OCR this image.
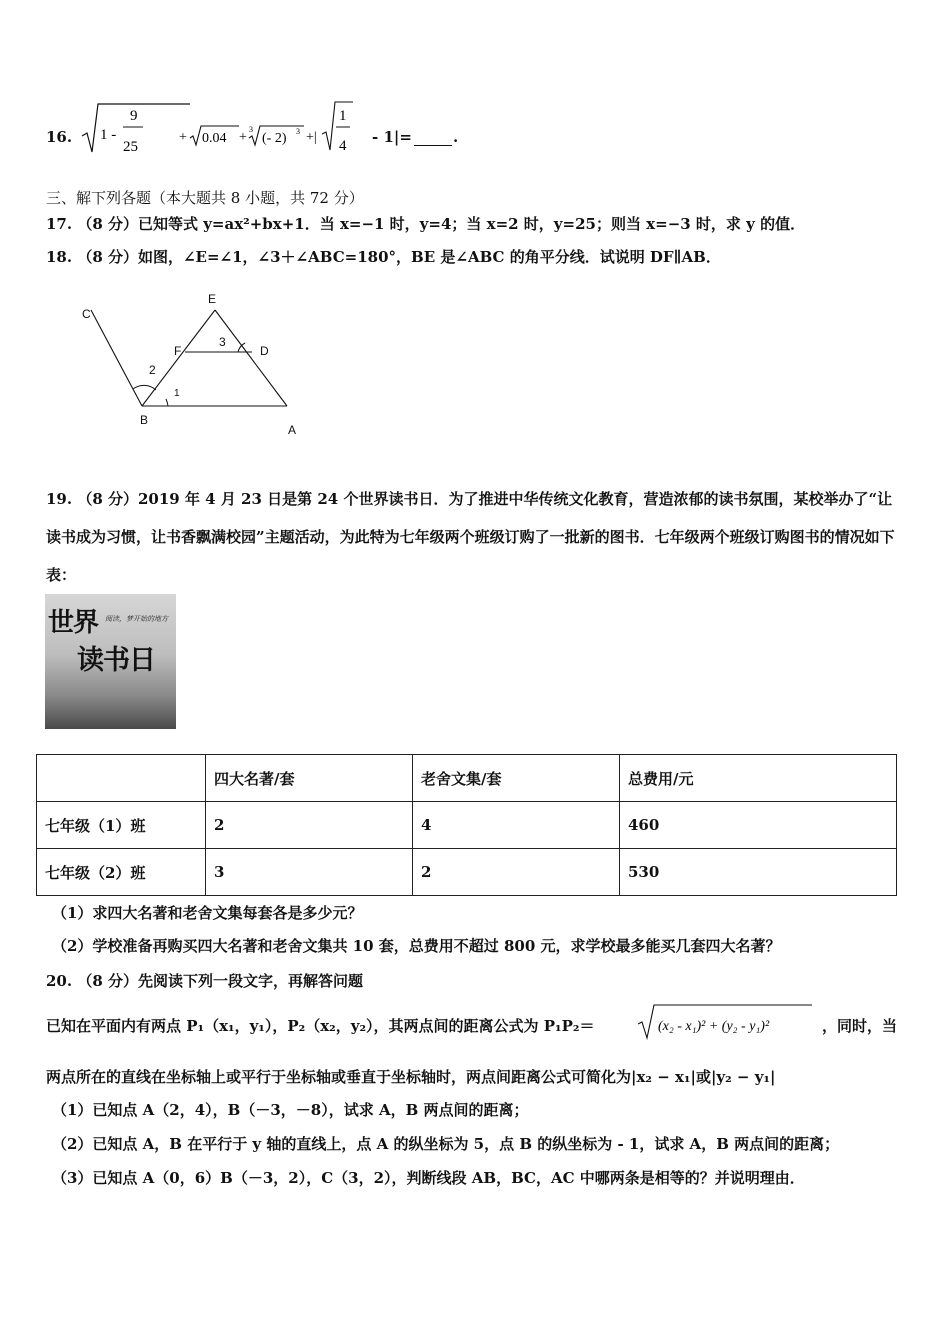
16. 1 -
9
25
+ 0.04 +
3
(- 2) 3 +|
1
4 - 1|=	.
三、解下列各题（本大题共 8 小题，共 72 分）
17. （8 分）已知等式 y=ax²+bx+1．当 x=−1 时，y=4；当 x=2 时，y=25；则当 x=−3 时，求 y 的值．
18. （8 分）如图，∠E=∠1，∠3＋∠ABC=180°，BE 是∠ABC 的角平分线．试说明 DF∥AB．
C
E
F	D
B
A
2
1
3
19. （8 分）2019 年 4 月 23 日是第 24 个世界读书日．为了推进中华传统文化教育，营造浓郁的读书氛围，某校举办了“让读书成为习惯，让书香飘满校园”主题活动，为此特为七年级两个班级订购了一批新的图书．七年级两个班级订购图书的情况如下表：
世界 阅读，梦开始的地方
读书日
	四大名著/套	老舍文集/套	总费用/元
七年级（1）班	2	4	460
七年级（2）班	3	2	530
（1）求四大名著和老舍文集每套各是多少元？
（2）学校准备再购买四大名著和老舍文集共 10 套，总费用不超过 800 元，求学校最多能买几套四大名著？
20. （8 分）先阅读下列一段文字，再解答问题
已知在平面内有两点 P₁（x₁，y₁），P₂（x₂，y₂），其两点间的距离公式为 P₁P₂＝	(x₂ - x₁)² + (y₂ - y₁)²	，同时，当
两点所在的直线在坐标轴上或平行于坐标轴或垂直于坐标轴时，两点间距离公式可简化为|x₂ − x₁|或|y₂ − y₁|
（1）已知点 A（2，4），B（－3，－8），试求 A，B 两点间的距离；
（2）已知点 A，B 在平行于 y 轴的直线上，点 A 的纵坐标为 5，点 B 的纵坐标为 - 1，试求 A，B 两点间的距离；
（3）已知点 A（0，6）B（－3，2），C（3，2），判断线段 AB，BC，AC 中哪两条是相等的？并说明理由．
